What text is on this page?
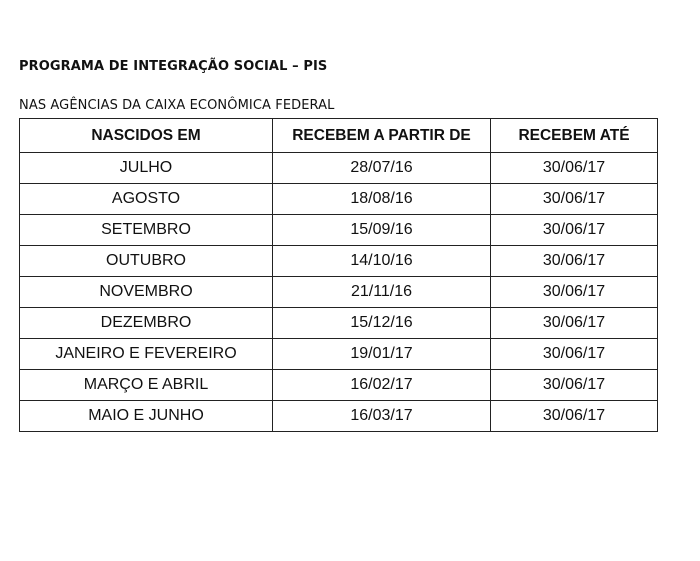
PROGRAMA DE INTEGRAÇÃO SOCIAL – PIS
NAS AGÊNCIAS DA CAIXA ECONÔMICA FEDERAL
NASCIDOS EM	RECEBEM A PARTIR DE	RECEBEM ATÉ
JULHO	28/07/16	30/06/17
AGOSTO	18/08/16	30/06/17
SETEMBRO	15/09/16	30/06/17
OUTUBRO	14/10/16	30/06/17
NOVEMBRO	21/11/16	30/06/17
DEZEMBRO	15/12/16	30/06/17
JANEIRO E FEVEREIRO	19/01/17	30/06/17
MARÇO E ABRIL	16/02/17	30/06/17
MAIO E JUNHO	16/03/17	30/06/17
